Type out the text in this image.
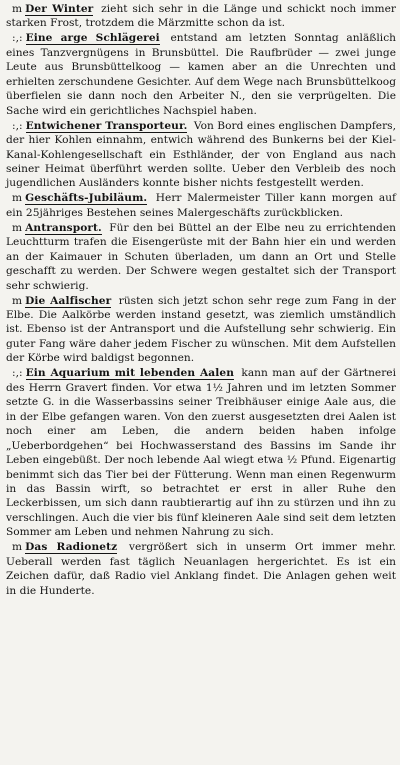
m Der Winter zieht sich sehr in die Länge und schickt noch immer starken Frost, trotzdem die Märzmitte schon da ist.

:,: Eine arge Schlägerei entstand am letzten Sonntag anläßlich eines Tanzvergnügens in Brunsbüttel. Die Raufbrüder — zwei junge Leute aus Brunsbüttelkoog — kamen aber an die Unrechten und erhielten zerschundene Gesichter. Auf dem Wege nach Brunsbüttelkoog überfielen sie dann noch den Arbeiter N., den sie verprügelten. Die Sache wird ein gerichtliches Nachspiel haben.

:,: Entwichener Transporteur. Von Bord eines englischen Dampfers, der hier Kohlen einnahm, entwich während des Bunkerns bei der Kiel-Kanal-Kohlengesellschaft ein Esthländer, der von England aus nach seiner Heimat überführt werden sollte. Ueber den Verbleib des noch jugendlichen Ausländers konnte bisher nichts festgestellt werden.

m Geschäfts-Jubiläum. Herr Malermeister Tiller kann morgen auf ein 25jähriges Bestehen seines Malergeschäfts zurückblicken.

m Antransport. Für den bei Büttel an der Elbe neu zu errichtenden Leuchtturm trafen die Eisengerüste mit der Bahn hier ein und werden an der Kaimauer in Schuten überladen, um dann an Ort und Stelle geschafft zu werden. Der Schwere wegen gestaltet sich der Transport sehr schwierig.

m Die Aalfischer rüsten sich jetzt schon sehr rege zum Fang in der Elbe. Die Aalkörbe werden instand gesetzt, was ziemlich umständlich ist. Ebenso ist der Antransport und die Aufstellung sehr schwierig. Ein guter Fang wäre daher jedem Fischer zu wünschen. Mit dem Aufstellen der Körbe wird baldigst begonnen.

:,: Ein Aquarium mit lebenden Aalen kann man auf der Gärtnerei des Herrn Gravert finden. Vor etwa 1½ Jahren und im letzten Sommer setzte G. in die Wasserbassins seiner Treibhäuser einige Aale aus, die in der Elbe gefangen waren. Von den zuerst ausgesetzten drei Aalen ist noch einer am Leben, die andern beiden haben infolge „Ueberbordgehen“ bei Hochwasserstand des Bassins im Sande ihr Leben eingebüßt. Der noch lebende Aal wiegt etwa ½ Pfund. Eigenartig benimmt sich das Tier bei der Fütterung. Wenn man einen Regenwurm in das Bassin wirft, so betrachtet er erst in aller Ruhe den Leckerbissen, um sich dann raubtierartig auf ihn zu stürzen und ihn zu verschlingen. Auch die vier bis fünf kleineren Aale sind seit dem letzten Sommer am Leben und nehmen Nahrung zu sich.

m Das Radionetz vergrößert sich in unserm Ort immer mehr. Ueberall werden fast täglich Neuanlagen hergerichtet. Es ist ein Zeichen dafür, daß Radio viel Anklang findet. Die Anlagen gehen weit in die Hunderte.
